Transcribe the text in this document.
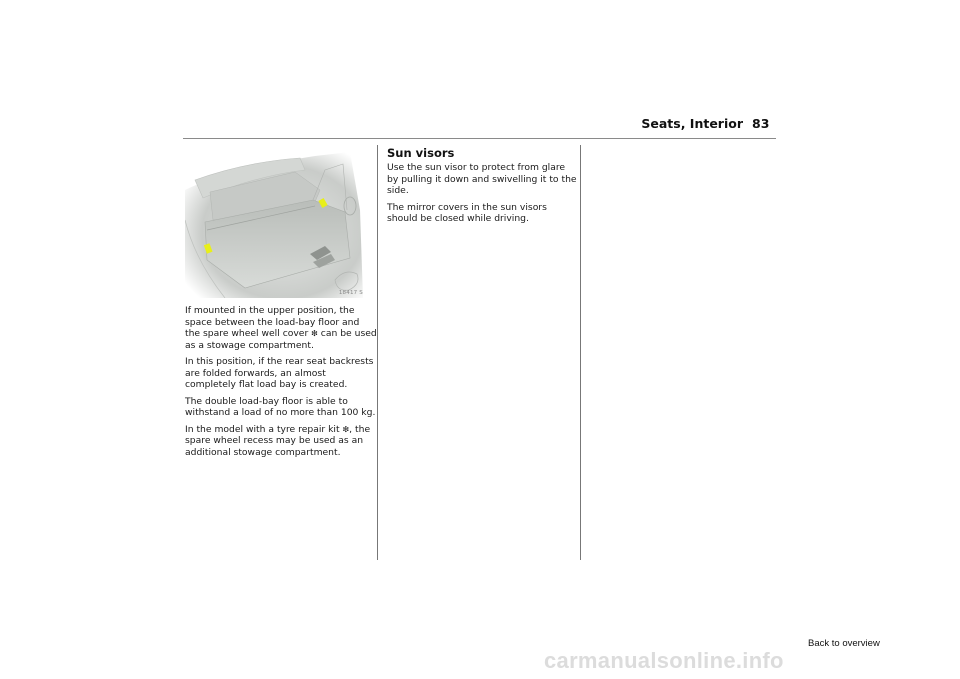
Seats, Interior 83
18417 S

If mounted in the upper position, the space between the load-bay floor and the spare wheel well cover ❇ can be used as a stowage compartment.

In this position, if the rear seat backrests are folded forwards, an almost completely flat load bay is created.

The double load-bay floor is able to withstand a load of no more than 100 kg.

In the model with a tyre repair kit ❇, the spare wheel recess may be used as an additional stowage compartment.

Sun visors

Use the sun visor to protect from glare by pulling it down and swivelling it to the side.

The mirror covers in the sun visors should be closed while driving.

Back to overview
carmanualsonline.info
